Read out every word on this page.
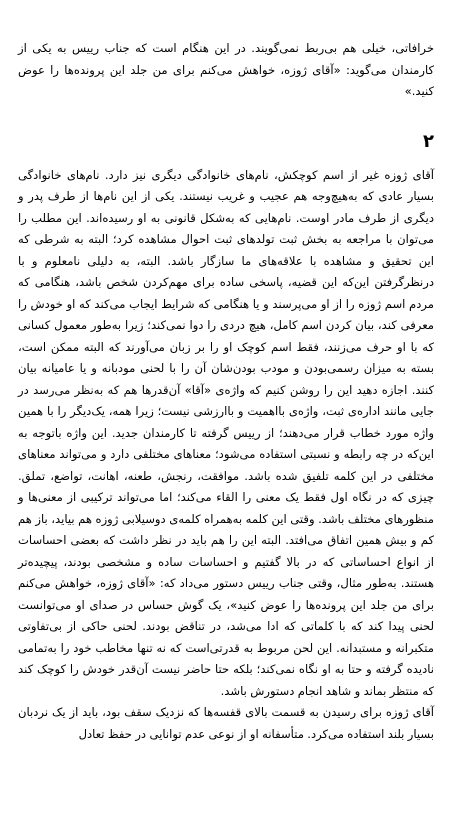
خرافاتی، خیلی هم بی‌ربط نمی‌گویند. در این هنگام است که جناب رییس به یکی از کارمندان می‌گوید: «آقای ژوزه، خواهش می‌کنم برای من جلد این پرونده‌ها را عوض کنید.»

۲

آقای ژوزه غیر از اسم کوچکش، نام‌های خانوادگی دیگری نیز دارد. نام‌های خانوادگی بسیار عادی که به‌هیچ‌وجه هم عجیب و غریب نیستند. یکی از این نام‌ها از طرف پدر و دیگری از طرف مادر اوست. نام‌هایی که به‌شکل قانونی به او رسیده‌اند. این مطلب را می‌توان با مراجعه به بخش ثبت تولدهای ثبت احوال مشاهده کرد؛ البته به شرطی که این تحقیق و مشاهده با علاقه‌های ما سازگار باشد. البته، به دلیلی نامعلوم و با درنظرگرفتن این‌که این قضیه، پاسخی ساده برای مهم‌کردن شخص باشد، هنگامی که مردم اسم ژوزه را از او می‌پرسند و یا هنگامی که شرایط ایجاب می‌کند که او خودش را معرفی کند، بیان کردن اسم کامل، هیچ دردی را دوا نمی‌کند؛ زیرا به‌طور معمول کسانی که با او حرف می‌زنند، فقط اسم کوچک او را بر زبان می‌آورند که البته ممکن است، بسته به میزان رسمی‌بودن و مودب بودن‌شان آن را با لحنی مودبانه و یا عامیانه بیان کنند. اجازه دهید این را روشن کنیم که واژه‌ی «آقا» آن‌قدرها هم که به‌نظر می‌رسد در جایی مانند اداره‌ی ثبت، واژه‌ی بااهمیت و باارزشی نیست؛ زیرا همه، یک‌دیگر را با همین واژه مورد خطاب قرار می‌دهند؛ از رییس گرفته تا کارمندان جدید. این واژه باتوجه به این‌که در چه رابطه و نسبتی استفاده می‌شود؛ معناهای مختلفی دارد و می‌تواند معناهای مختلفی در این کلمه تلفیق شده باشد. موافقت، رنجش، طعنه، اهانت، تواضع، تملق. چیزی که در نگاه اول فقط یک معنی را القاء می‌کند؛ اما می‌تواند ترکیبی از معنی‌ها و منظورهای مختلف باشد. وقتی این کلمه به‌همراه کلمه‌ی دوسیلابی ژوزه هم بیاید، باز هم کم و بیش همین اتفاق می‌افتد. البته این را هم باید در نظر داشت که بعضی احساسات از انواع احساساتی که در بالا گفتیم و احساسات ساده و مشخصی بودند، پیچیده‌تر هستند. به‌طور مثال، وقتی جناب رییس دستور می‌داد که: «آقای ژوزه، خواهش می‌کنم برای من جلد این پرونده‌ها را عوض کنید»، یک گوش حساس در صدای او می‌توانست لحنی پیدا کند که با کلماتی که ادا می‌شد، در تناقض بودند. لحنی حاکی از بی‌تفاوتی متکبرانه و مستبدانه. این لحن مربوط به قدرتی‌است که نه تنها مخاطب خود را به‌تمامی نادیده گرفته و حتا به او نگاه نمی‌کند؛ بلکه حتا حاضر نیست آن‌قدر خودش را کوچک کند که منتظر بماند و شاهد انجام دستورش باشد.

آقای ژوزه برای رسیدن به قسمت بالای قفسه‌ها که نزدیک سقف بود، باید از یک نردبان بسیار بلند استفاده می‌کرد. متأسفانه او از نوعی عدم توانایی در حفظ تعادل
